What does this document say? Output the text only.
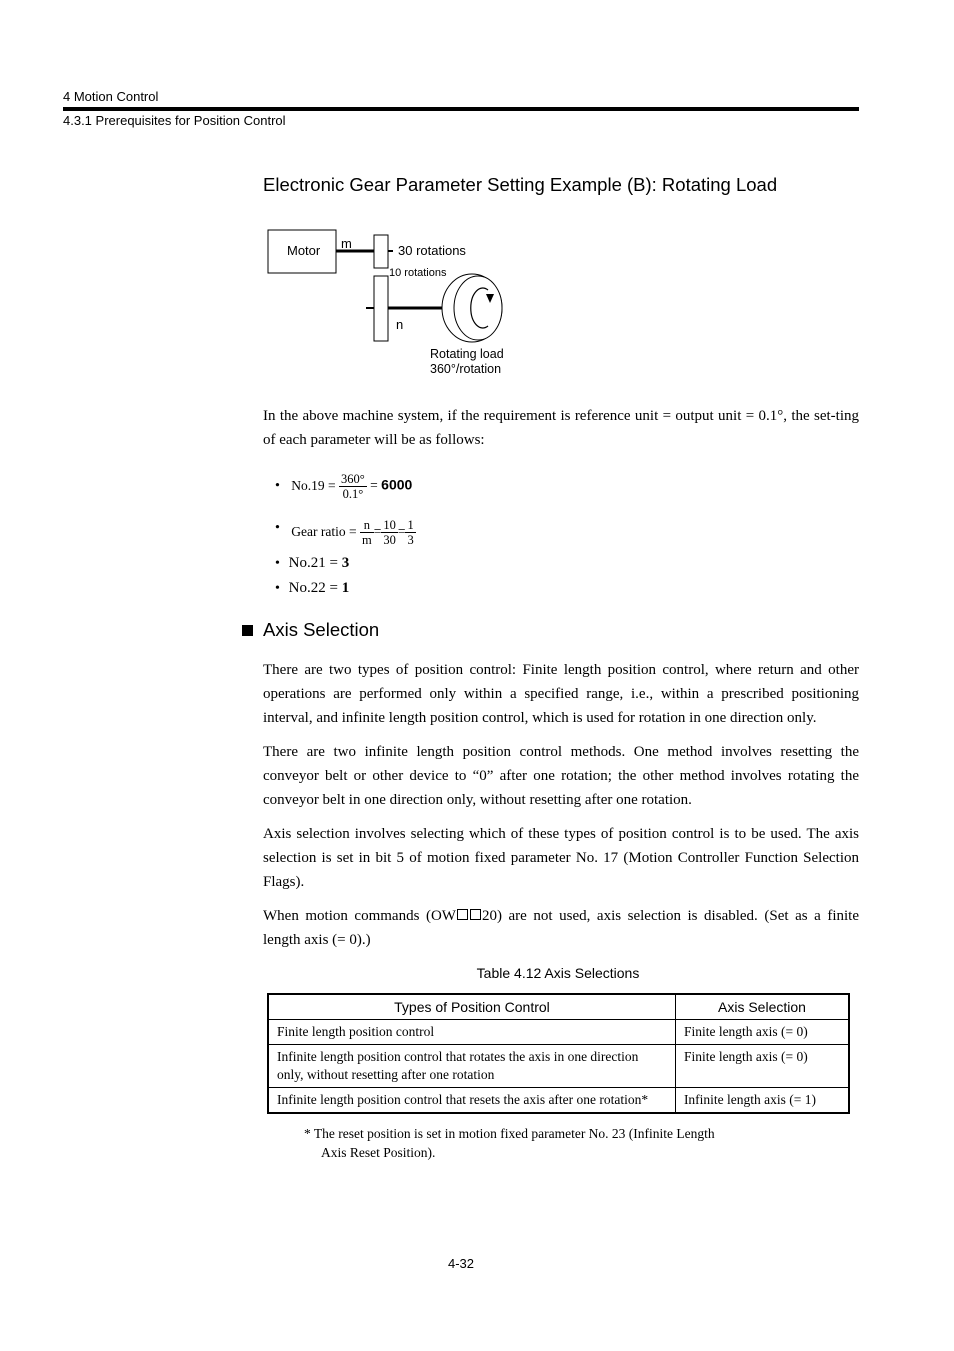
4 Motion Control
4.3.1 Prerequisites for Position Control
Electronic Gear Parameter Setting Example (B): Rotating Load
Motor m	30 rotations
10 rotations
n
Rotating load
360°/rotation
In the above machine system, if the requirement is reference unit = output unit = 0.1°, the set-ting of each parameter will be as follows:
• $No.19 = \frac{360^\circ}{0.1^\circ} = 6000$
• Gear ratio = $\frac{n}{m} = \frac{10}{30} = \frac{1}{3}$
• No.21 = 3
• No.22 = 1
Axis Selection
There are two types of position control: Finite length position control, where return and other operations are performed only within a specified range, i.e., within a prescribed positioning interval, and infinite length position control, which is used for rotation in one direction only.
There are two infinite length position control methods. One method involves resetting the conveyor belt or other device to “0” after one rotation; the other method involves rotating the conveyor belt in one direction only, without resetting after one rotation.
Axis selection involves selecting which of these types of position control is to be used. The axis selection is set in bit 5 of motion fixed parameter No. 17 (Motion Controller Function Selection Flags).
When motion commands (OW 20) are not used, axis selection is disabled. (Set as a finite length axis (= 0).)
Table 4.12 Axis Selections
Types of Position Control	Axis Selection
Finite length position control	Finite length axis (= 0)
Infinite length position control that rotates the axis in one direction only, without resetting after one rotation	Finite length axis (= 0)
Infinite length position control that resets the axis after one rotation*	Infinite length axis (= 1)
* The reset position is set in motion fixed parameter No. 23 (Infinite Length
Axis Reset Position).
4-32
